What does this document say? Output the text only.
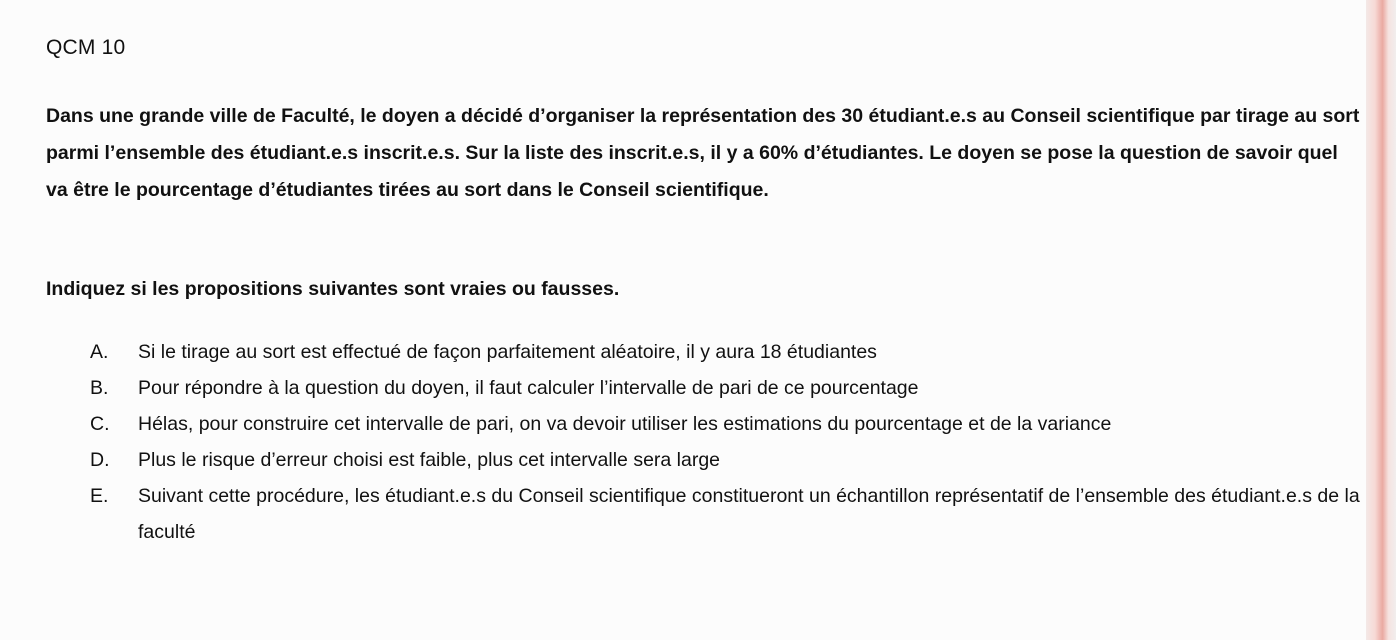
QCM 10
Dans une grande ville de Faculté, le doyen a décidé d’organiser la représentation des 30 étudiant.e.s au Conseil scientifique par tirage au sort parmi l’ensemble des étudiant.e.s inscrit.e.s. Sur la liste des inscrit.e.s, il y a 60% d’étudiantes. Le doyen se pose la question de savoir quel va être le pourcentage d’étudiantes tirées au sort dans le Conseil scientifique.
Indiquez si les propositions suivantes sont vraies ou fausses.
A.	Si le tirage au sort est effectué de façon parfaitement aléatoire, il y aura 18 étudiantes
B.	Pour répondre à la question du doyen, il faut calculer l’intervalle de pari de ce pourcentage
C.	Hélas, pour construire cet intervalle de pari, on va devoir utiliser les estimations du pourcentage et de la variance
D.	Plus le risque d’erreur choisi est faible, plus cet intervalle sera large
E.	Suivant cette procédure, les étudiant.e.s du Conseil scientifique constitueront un échantillon représentatif de l’ensemble des étudiant.e.s de la faculté
